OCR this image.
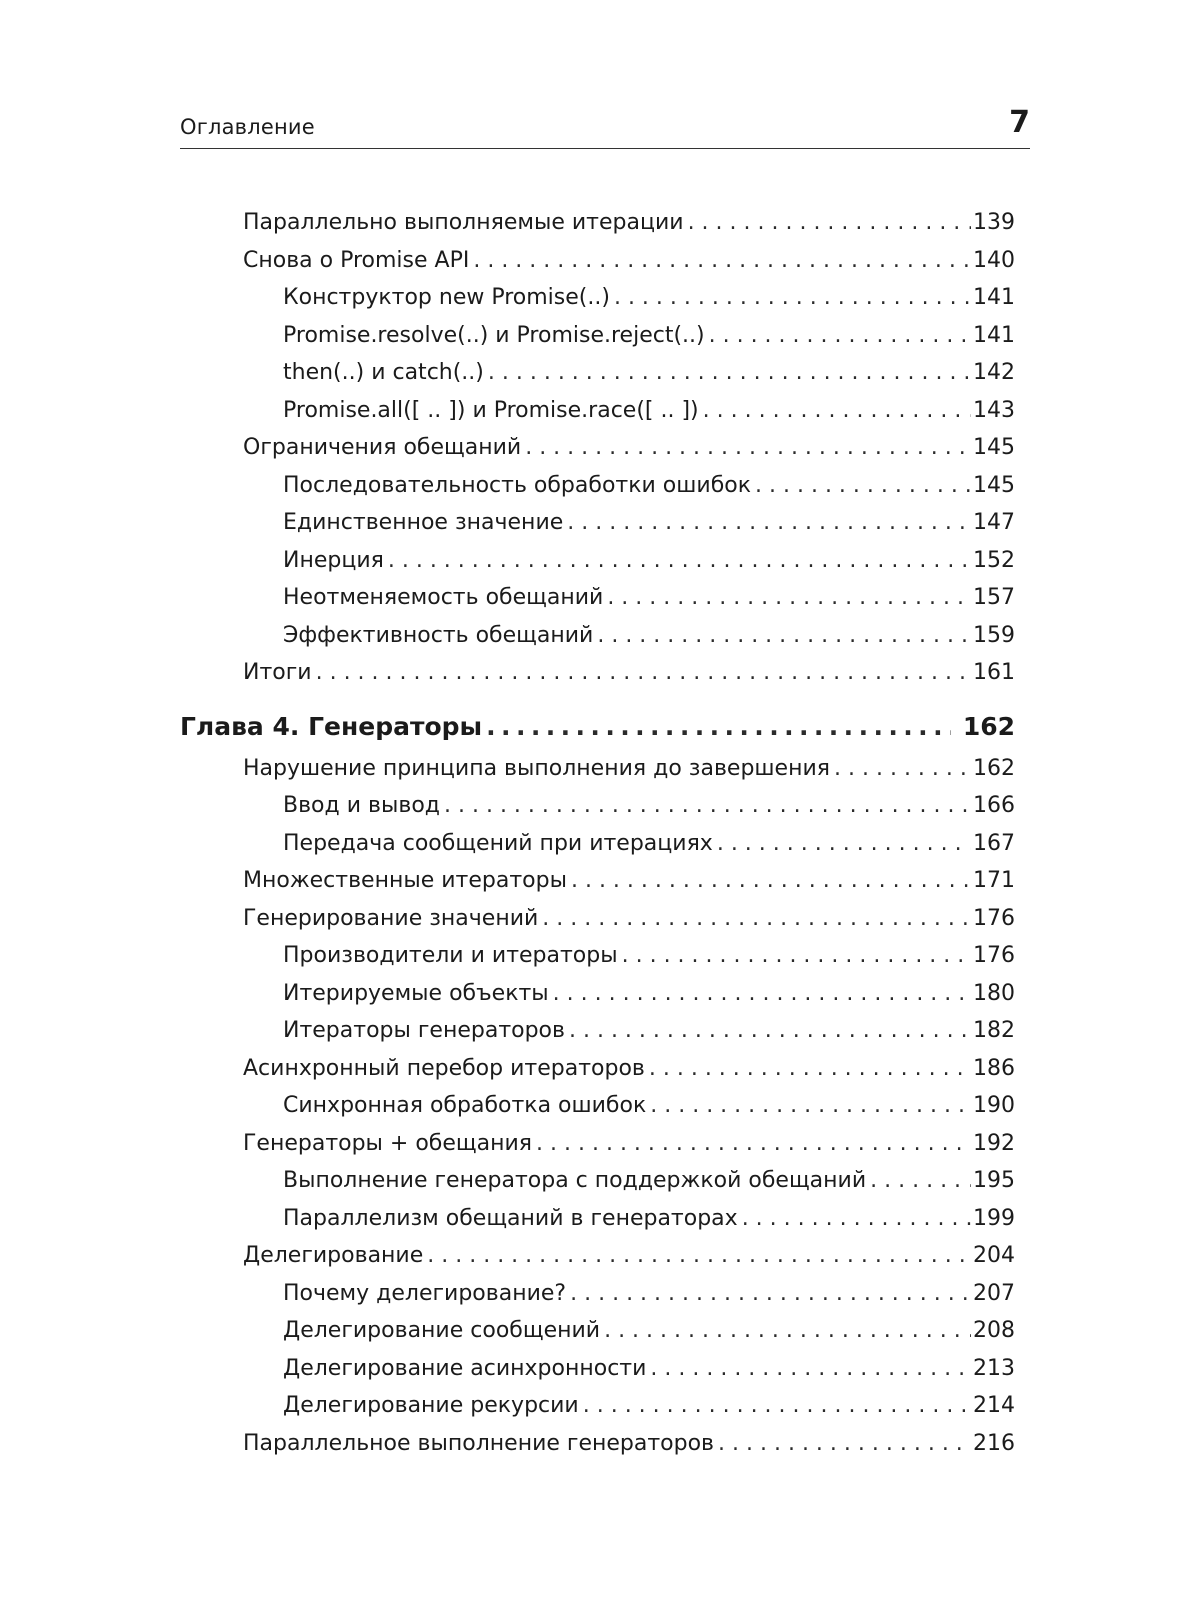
Оглавление	7
Параллельно выполняемые итерации . . .	139
Снова о Promise API . . .	140
Конструктор new Promise(..) . . .	141
Promise.resolve(..) и Promise.reject(..) . . .	141
then(..) и catch(..) . . .	142
Promise.all([ .. ]) и Promise.race([ .. ]) . . .	143
Ограничения обещаний . . .	145
Последовательность обработки ошибок . . .	145
Единственное значение . . .	147
Инерция . . .	152
Неотменяемость обещаний . . .	157
Эффективность обещаний . . .	159
Итоги . . .	161
Глава 4. Генераторы .....	162
Нарушение принципа выполнения до завершения . . .	162
Ввод и вывод . . .	166
Передача сообщений при итерациях . . .	167
Множественные итераторы . . .	171
Генерирование значений . . .	176
Производители и итераторы . . .	176
Итерируемые объекты . . .	180
Итераторы генераторов . . .	182
Асинхронный перебор итераторов . . .	186
Синхронная обработка ошибок . . .	190
Генераторы + обещания . . .	192
Выполнение генератора с поддержкой обещаний . . .	195
Параллелизм обещаний в генераторах . . .	199
Делегирование . . .	204
Почему делегирование? . . .	207
Делегирование сообщений . . .	208
Делегирование асинхронности . . .	213
Делегирование рекурсии . . .	214
Параллельное выполнение генераторов . . .	216
